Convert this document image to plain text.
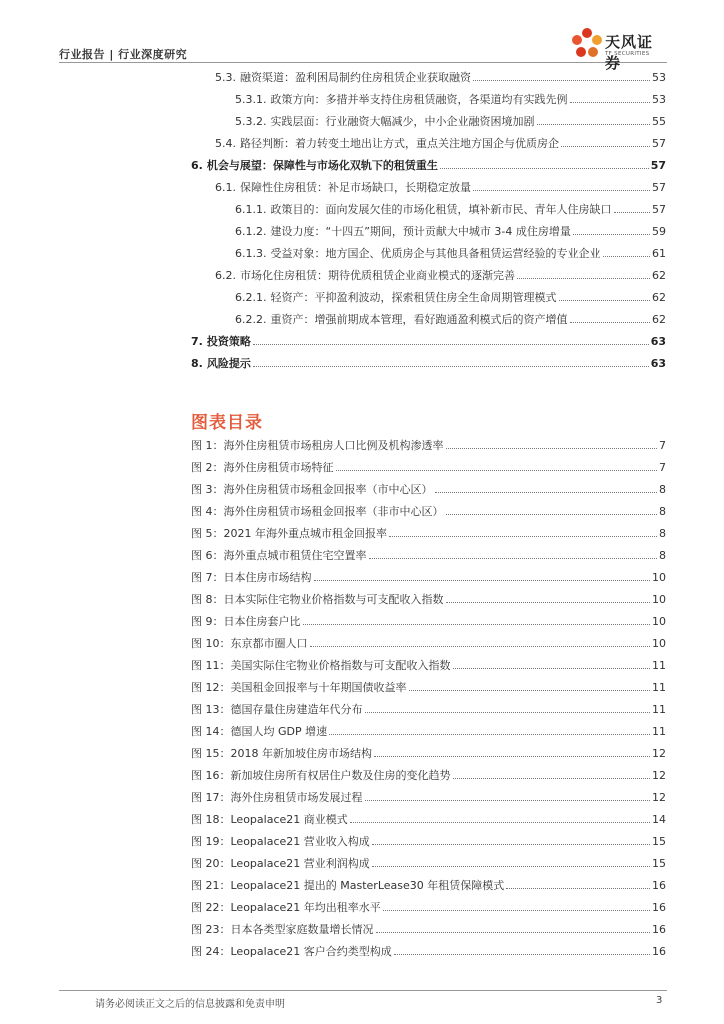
行业报告 | 行业深度研究
天风证券
TF SECURITIES
5.3. 融资渠道：盈利困局制约住房租赁企业获取融资	53
5.3.1. 政策方向：多措并举支持住房租赁融资，各渠道均有实践先例	53
5.3.2. 实践层面：行业融资大幅减少，中小企业融资困境加剧	55
5.4. 路径判断：着力转变土地出让方式，重点关注地方国企与优质房企	57
6. 机会与展望：保障性与市场化双轨下的租赁重生	57
6.1. 保障性住房租赁：补足市场缺口，长期稳定放量	57
6.1.1. 政策目的：面向发展欠佳的市场化租赁，填补新市民、青年人住房缺口	57
6.1.2. 建设力度：“十四五”期间，预计贡献大中城市 3-4 成住房增量	59
6.1.3. 受益对象：地方国企、优质房企与其他具备租赁运营经验的专业企业	61
6.2. 市场化住房租赁：期待优质租赁企业商业模式的逐渐完善	62
6.2.1. 轻资产：平抑盈利波动，探索租赁住房全生命周期管理模式	62
6.2.2. 重资产：增强前期成本管理，看好跑通盈利模式后的资产增值	62
7. 投资策略	63
8. 风险提示	63
图表目录
图 1：海外住房租赁市场租房人口比例及机构渗透率	7
图 2：海外住房租赁市场特征	7
图 3：海外住房租赁市场租金回报率（市中心区）	8
图 4：海外住房租赁市场租金回报率（非市中心区）	8
图 5：2021 年海外重点城市租金回报率	8
图 6：海外重点城市租赁住宅空置率	8
图 7：日本住房市场结构	10
图 8：日本实际住宅物业价格指数与可支配收入指数	10
图 9：日本住房套户比	10
图 10：东京都市圈人口	10
图 11：美国实际住宅物业价格指数与可支配收入指数	11
图 12：美国租金回报率与十年期国债收益率	11
图 13：德国存量住房建造年代分布	11
图 14：德国人均 GDP 增速	11
图 15：2018 年新加坡住房市场结构	12
图 16：新加坡住房所有权居住户数及住房的变化趋势	12
图 17：海外住房租赁市场发展过程	12
图 18：Leopalace21 商业模式	14
图 19：Leopalace21 营业收入构成	15
图 20：Leopalace21 营业利润构成	15
图 21：Leopalace21 提出的 MasterLease30 年租赁保障模式	16
图 22：Leopalace21 年均出租率水平	16
图 23：日本各类型家庭数量增长情况	16
图 24：Leopalace21 客户合约类型构成	16
请务必阅读正文之后的信息披露和免责申明	3
